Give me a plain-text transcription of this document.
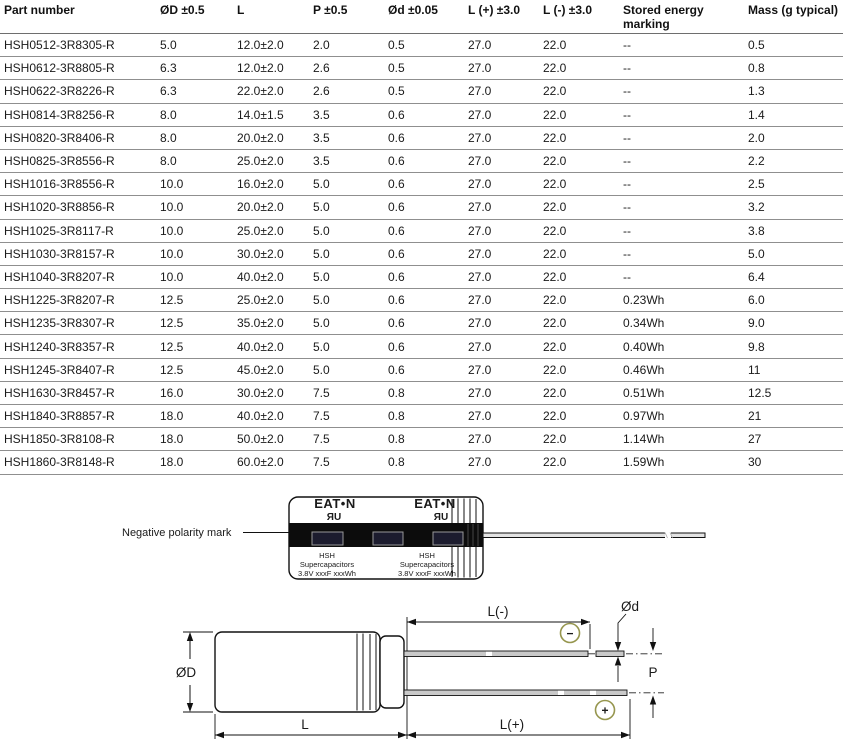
Part number	ØD ±0.5	L	P ±0.5	Ød ±0.05	L (+) ±3.0	L (-) ±3.0	Stored energy marking	Mass (g typical)
HSH0512-3R8305-R	5.0	12.0±2.0	2.0	0.5	27.0	22.0	--	0.5
HSH0612-3R8805-R	6.3	12.0±2.0	2.6	0.5	27.0	22.0	--	0.8
HSH0622-3R8226-R	6.3	22.0±2.0	2.6	0.5	27.0	22.0	--	1.3
HSH0814-3R8256-R	8.0	14.0±1.5	3.5	0.6	27.0	22.0	--	1.4
HSH0820-3R8406-R	8.0	20.0±2.0	3.5	0.6	27.0	22.0	--	2.0
HSH0825-3R8556-R	8.0	25.0±2.0	3.5	0.6	27.0	22.0	--	2.2
HSH1016-3R8556-R	10.0	16.0±2.0	5.0	0.6	27.0	22.0	--	2.5
HSH1020-3R8856-R	10.0	20.0±2.0	5.0	0.6	27.0	22.0	--	3.2
HSH1025-3R8117-R	10.0	25.0±2.0	5.0	0.6	27.0	22.0	--	3.8
HSH1030-3R8157-R	10.0	30.0±2.0	5.0	0.6	27.0	22.0	--	5.0
HSH1040-3R8207-R	10.0	40.0±2.0	5.0	0.6	27.0	22.0	--	6.4
HSH1225-3R8207-R	12.5	25.0±2.0	5.0	0.6	27.0	22.0	0.23Wh	6.0
HSH1235-3R8307-R	12.5	35.0±2.0	5.0	0.6	27.0	22.0	0.34Wh	9.0
HSH1240-3R8357-R	12.5	40.0±2.0	5.0	0.6	27.0	22.0	0.40Wh	9.8
HSH1245-3R8407-R	12.5	45.0±2.0	5.0	0.6	27.0	22.0	0.46Wh	11
HSH1630-3R8457-R	16.0	30.0±2.0	7.5	0.8	27.0	22.0	0.51Wh	12.5
HSH1840-3R8857-R	18.0	40.0±2.0	7.5	0.8	27.0	22.0	0.97Wh	21
HSH1850-3R8108-R	18.0	50.0±2.0	7.5	0.8	27.0	22.0	1.14Wh	27
HSH1860-3R8148-R	18.0	60.0±2.0	7.5	0.8	27.0	22.0	1.59Wh	30
EAT•N	EAT•N
ЯU	ЯU
HSH
Supercapacitors
3.8V xxxF xxxWh
HSH
Supercapacitors
3.8V xxxF xxxWh
Negative polarity mark
ØD
L
L(-)
L(+)
−
+
Ød
P
